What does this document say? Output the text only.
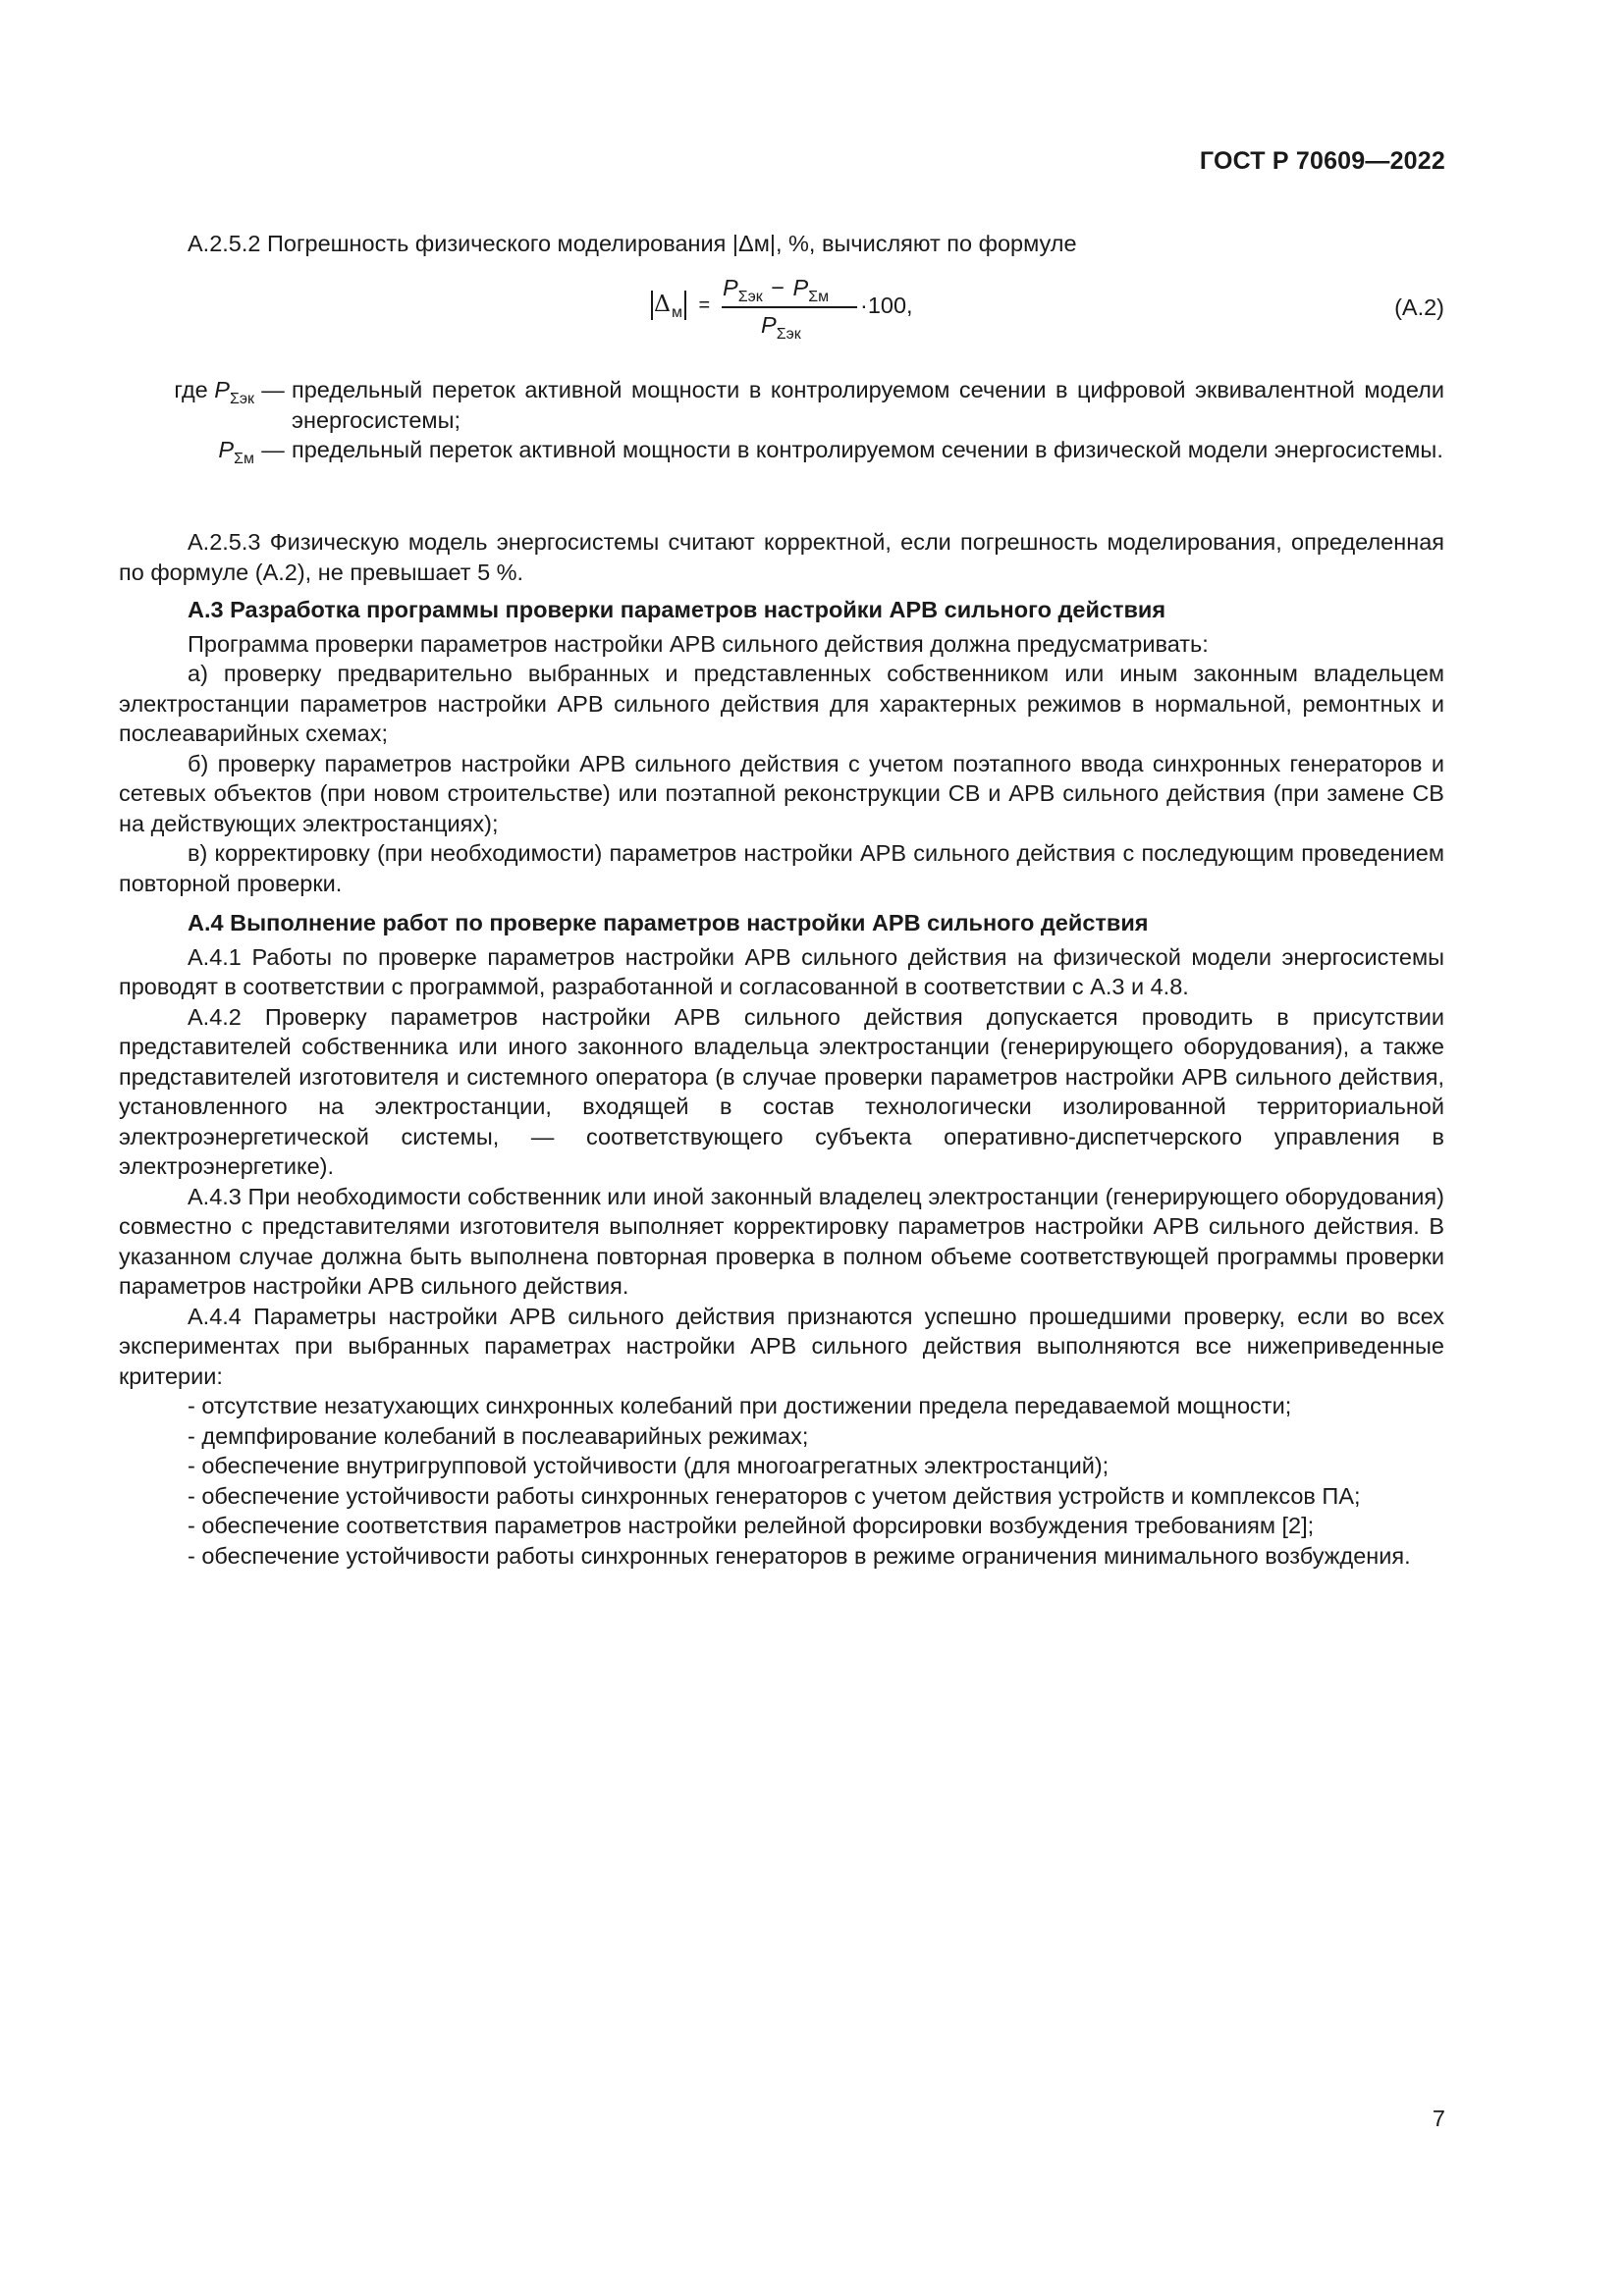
ГОСТ Р 70609—2022

А.2.5.2 Погрешность физического моделирования |Δм|, %, вычисляют по формуле

где $P_{\Sigma эк}$ — предельный переток активной мощности в контролируемом сечении в цифровой эквивалентной модели энергосистемы;
$P_{\Sigma м}$ — предельный переток активной мощности в контролируемом сечении в физической модели энергосистемы.

А.2.5.3 Физическую модель энергосистемы считают корректной, если погрешность моделирования, определенная по формуле (А.2), не превышает 5 %.

А.3 Разработка программы проверки параметров настройки АРВ сильного действия

Программа проверки параметров настройки АРВ сильного действия должна предусматривать:

а) проверку предварительно выбранных и представленных собственником или иным законным владельцем электростанции параметров настройки АРВ сильного действия для характерных режимов в нормальной, ремонтных и послеаварийных схемах;

б) проверку параметров настройки АРВ сильного действия с учетом поэтапного ввода синхронных генераторов и сетевых объектов (при новом строительстве) или поэтапной реконструкции СВ и АРВ сильного действия (при замене СВ на действующих электростанциях);

в) корректировку (при необходимости) параметров настройки АРВ сильного действия с последующим проведением повторной проверки.

А.4 Выполнение работ по проверке параметров настройки АРВ сильного действия

А.4.1 Работы по проверке параметров настройки АРВ сильного действия на физической модели энергосистемы проводят в соответствии с программой, разработанной и согласованной в соответствии с А.3 и 4.8.

А.4.2 Проверку параметров настройки АРВ сильного действия допускается проводить в присутствии представителей собственника или иного законного владельца электростанции (генерирующего оборудования), а также представителей изготовителя и системного оператора (в случае проверки параметров настройки АРВ сильного действия, установленного на электростанции, входящей в состав технологически изолированной территориальной электроэнергетической системы, — соответствующего субъекта оперативно-диспетчерского управления в электроэнергетике).

А.4.3 При необходимости собственник или иной законный владелец электростанции (генерирующего оборудования) совместно с представителями изготовителя выполняет корректировку параметров настройки АРВ сильного действия. В указанном случае должна быть выполнена повторная проверка в полном объеме соответствующей программы проверки параметров настройки АРВ сильного действия.

А.4.4 Параметры настройки АРВ сильного действия признаются успешно прошедшими проверку, если во всех экспериментах при выбранных параметрах настройки АРВ сильного действия выполняются все нижеприведенные критерии:

- отсутствие незатухающих синхронных колебаний при достижении предела передаваемой мощности;

- демпфирование колебаний в послеаварийных режимах;

- обеспечение внутригрупповой устойчивости (для многоагрегатных электростанций);

- обеспечение устойчивости работы синхронных генераторов с учетом действия устройств и комплексов ПА;

- обеспечение соответствия параметров настройки релейной форсировки возбуждения требованиям [2];

- обеспечение устойчивости работы синхронных генераторов в режиме ограничения минимального возбуждения.

$\Delta_м$ =
$P_{\Sigma эк} - P_{\Sigma м}$
$P_{\Sigma эк}$
·100,	(А.2)
7
